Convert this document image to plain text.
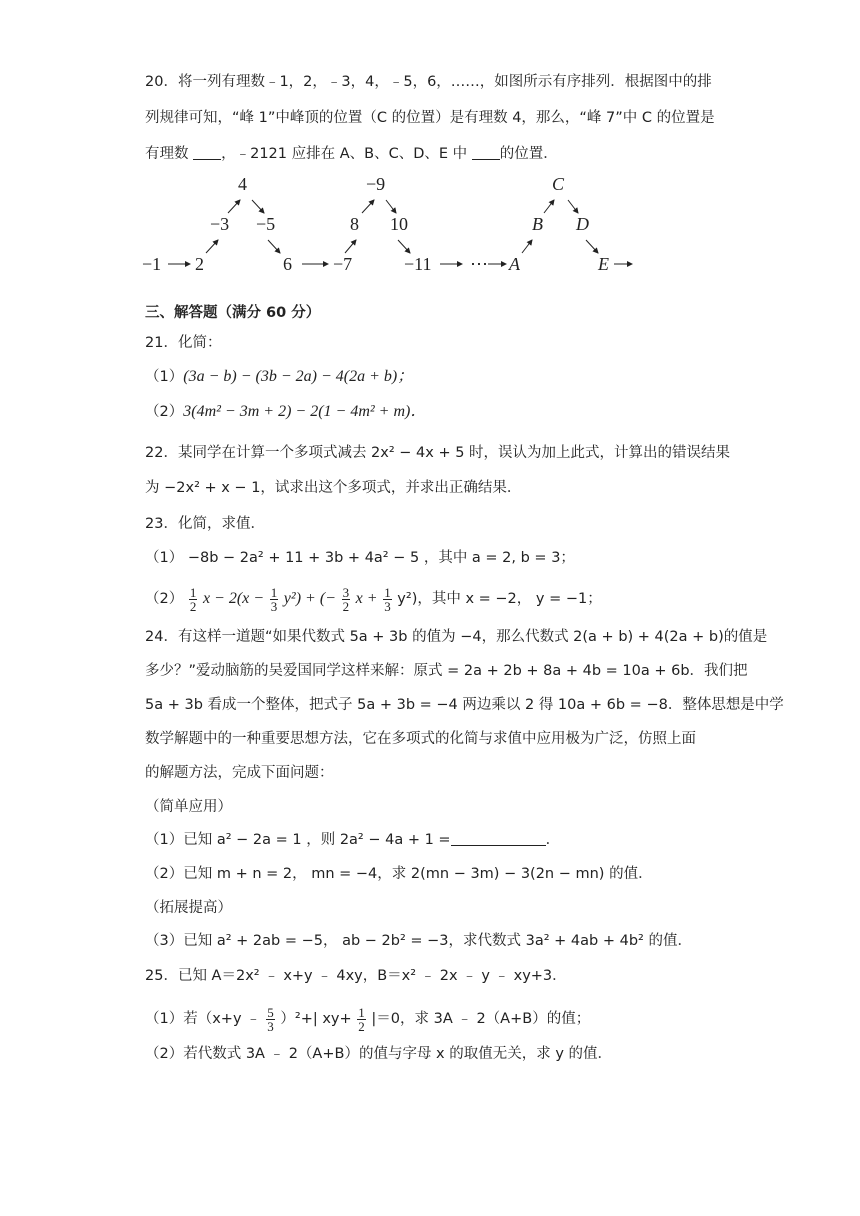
20．将一列有理数﹣1，2，﹣3，4，﹣5，6，……，如图所示有序排列．根据图中的排
列规律可知，“峰 1”中峰顶的位置（C 的位置）是有理数 4，那么，“峰 7”中 C 的位置是
有理数 ，﹣2121 应排在 A、B、C、D、E 中 的位置．
4
−3 −5
−1 2	6 −7
−9
8 10
−11 ⋯ A
B
C
D
E
三、解答题（满分 60 分）
21．化简：
（1）(3a − b) − (3b − 2a) − 4(2a + b)；
（2）3(4m² − 3m + 2) − 2(1 − 4m² + m)．
22．某同学在计算一个多项式减去 2x² − 4x + 5 时，误认为加上此式，计算出的错误结果
为 −2x² + x − 1，试求出这个多项式，并求出正确结果．
23．化简，求值．
（1） −8b − 2a² + 11 + 3b + 4a² − 5 ，其中 a = 2, b = 3；
$(2) \frac{1}{2}$ $x - 2(x - \frac{1}{3} y^2)$ + (− $\frac{3}{2}$ $x + \frac{1}{3} y^2$)，其中 x = −2， y = −1；
24．有这样一道题“如果代数式 5a + 3b 的值为 −4，那么代数式 2(a + b) + 4(2a + b)的值是
多少？”爱动脑筋的吴爱国同学这样来解：原式 = 2a + 2b + 8a + 4b = 10a + 6b．我们把
5a + 3b 看成一个整体，把式子 5a + 3b = −4 两边乘以 2 得 10a + 6b = −8．整体思想是中学
数学解题中的一种重要思想方法，它在多项式的化简与求值中应用极为广泛，仿照上面
的解题方法，完成下面问题：
（简单应用）
（1）已知 a² − 2a = 1 ，则 2a² − 4a + 1 =	．
（2）已知 m + n = 2， mn = −4，求 2(mn − 3m) − 3(2n − mn) 的值．
（拓展提高）
（3）已知 a² + 2ab = −5， ab − 2b² = −3，求代数式 3a² + 4ab + 4b² 的值．
25．已知 A＝2x² ﹣ x+y ﹣ 4xy，B＝x² ﹣ 2x ﹣ y ﹣ xy+3．
（1）若（x+y ﹣ $\frac{5}{3} )^2+|$ $xy+ \frac{1}{2} |=0$，求 3A ﹣ 2（A+B）的值；
（2）若代数式 3A ﹣ 2（A+B）的值与字母 x 的取值无关，求 y 的值．
